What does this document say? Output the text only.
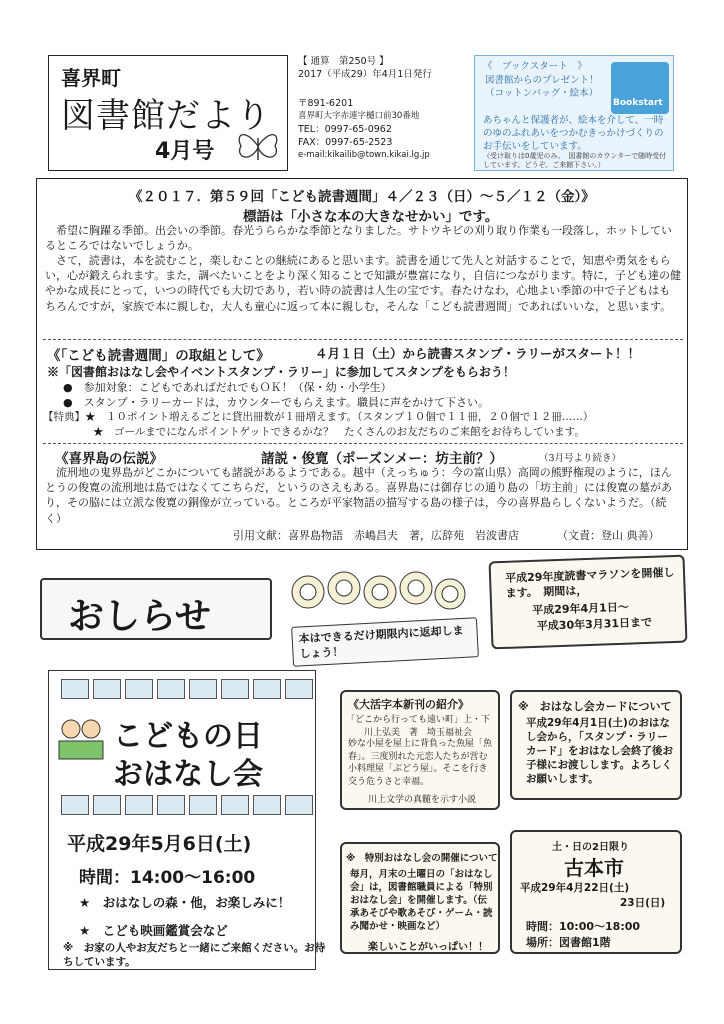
喜界町
図書館だより
4月号
【 通算　第250号 】
2017（平成29）年4月1日発行
〒891-6201
喜界町大字赤連字樋口前30番地
TEL：0997-65-0962
FAX：0997-65-2523
e-mail:kikailib@town.kikai.lg.jp
《　ブックスタート　》
図書館からのプレゼント！
（コットンバッグ・絵本）
Bookstart
あちゃんと保護者が、絵本を介して、一時のゆのふれあいをつかむきっかけづくりのお手伝いをしています。
（受け取りは0歳児のみ。　図書館のカウンターで随時受付しています。どうぞ、ご来館下さい。）
《２０１７．第５９回「こども読書週間」４／２３（日）～５／１２（金）》
標語は「小さな本の大きなせかい」です。
希望に胸躍る季節。出会いの季節。春光うららかな季節となりました。サトウキビの刈り取り作業も一段落し，ホットしているところではないでしょうか。
さて，読書は，本を読むこと，楽しむことの継続にあると思います。読書を通じて先人と対話することで，知恵や勇気をもらい，心が鍛えられます。また，調べたいことをより深く知ることで知識が豊富になり，自信につながります。特に，子ども達の健やかな成長にとって，いつの時代でも大切であり，若い時の読書は人生の宝です。春たけなわ，心地よい季節の中で子どもはもちろんですが，家族で本に親しむ，大人も童心に返って本に親しむ，そんな「こども読書週間」であればいいな，と思います。
《「こども読書週間」の取組として》	４月１日（土）から読書スタンプ・ラリーがスタート！！
※「図書館おはなし会やイベントスタンプ・ラリー」に参加してスタンプをもらおう！
●　参加対象：こどもであればだれでもＯＫ！（保・幼・小学生）
●　スタンプ・ラリーカードは，カウンターでもらえます。職員に声をかけて下さい。
【特典】★　１０ポイント増えるごとに貸出冊数が１冊増えます。（スタンプ１０個で１１冊，２０個で１２冊……）
★　ゴールまでになんポイントゲットできるかな？　たくさんのお友だちのご来館をお待ちしています。
《喜界島の伝説》	諸説・俊寛（ポーズンメー：坊主前？）	（3月号より続き）
流刑地の鬼界島がどこかについても諸説があるようである。越中（えっちゅう：今の富山県）高岡の熊野権現のように，ほんとうの俊寛の流刑地は島ではなくてこちらだ，というのさえもある。喜界島には御存じの通り島の「坊主前」には俊寛の墓があり，その脇には立派な俊寛の銅像が立っている。ところが平家物語の描写する島の様子は，今の喜界島らしくないようだ。（続く）
引用文献：喜界島物語　赤嶋昌夫　著，広辞苑　岩波書店	（文責：登山 典善）
おしらせ	本はできるだけ期限内に返却しましょう！
平成29年度読書マラソンを開催します。　期間は，
平成29年4月1日～
平成30年3月31日まで
こどもの日
おはなし会
平成29年5月6日(土)
時間：14:00～16:00
★　おはなしの森・他，お楽しみに！
★　こども映画鑑賞会など
※　お家の人やお友だちと一緒にご来館ください。お待ちしています。
《大活字本新刊の紹介》
「どこから行っても遠い町」上・下
川上弘美　著　埼玉福祉会
妙な小屋を屋上に背負った魚屋「魚春」。三度別れた元恋人たちが営む小料理屋「ぶどう屋」。そこを行き交う危うさと幸福。
川上文学の真髄を示す小説
※　おはなし会カードについて
平成29年4月1日(土)のおはなし会から，「スタンプ・ラリーカード」をおはなし会終了後お子様にお渡しします。よろしくお願いします。
※　特別おはなし会の開催について
毎月，月末の土曜日の「おはなし会」は，図書館職員による「特別おはなし会」を開催します。（伝承あそびや歌あそび・ゲーム・読み聞かせ・映画など）
楽しいことがいっぱい！！
土・日の2日限り
古本市
平成29年4月22日(土)
23日(日)
時間：10:00～18:00
場所：図書館1階
